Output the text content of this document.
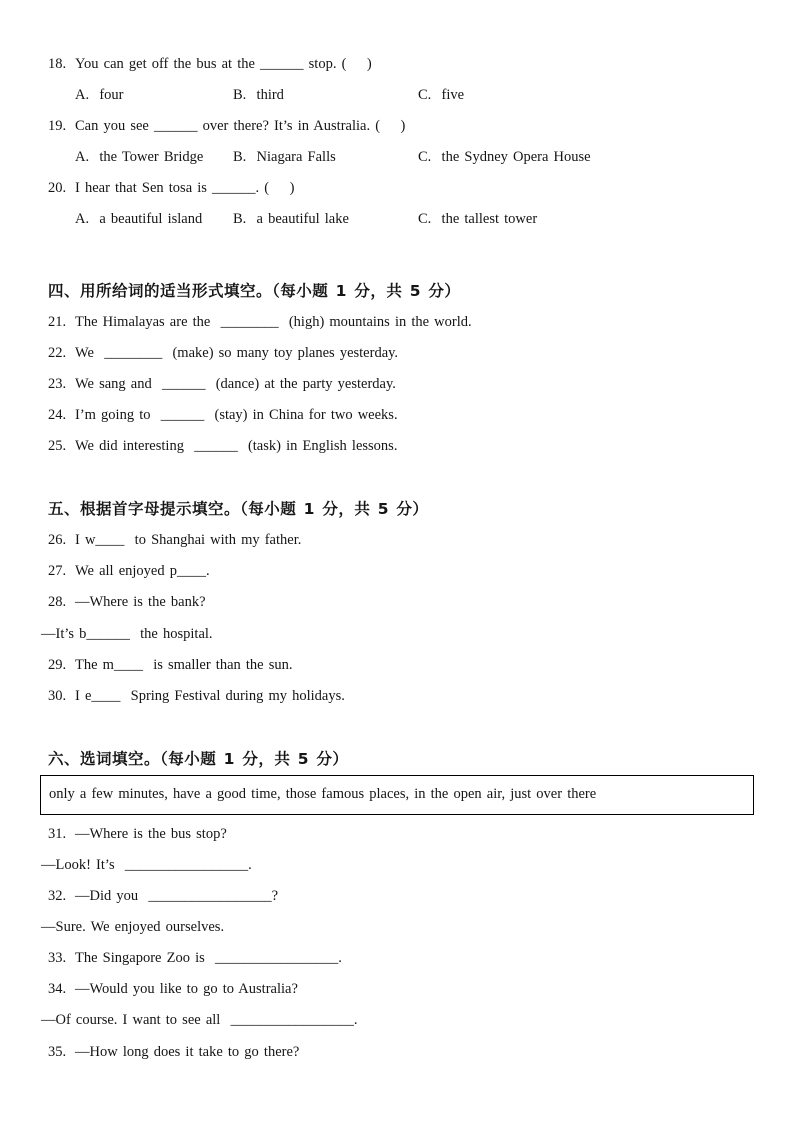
18. You can get off the bus at the ______ stop. (    )
A.  four	B.  third	C.  five
19. Can you see ______ over there? It’s in Australia. (    )
A.  the Tower Bridge	B.  Niagara Falls	C.  the Sydney Opera House
20. I hear that Sen tosa is ______. (    )
A.  a beautiful island	B.  a beautiful lake	C.  the tallest tower
四、用所给词的适当形式填空。（每小题 1 分，共 5 分）
21. The Himalayas are the  ________  (high) mountains in the world.
22. We  ________  (make) so many toy planes yesterday.
23. We sang and  ______  (dance) at the party yesterday.
24. I’m going to  ______  (stay) in China for two weeks.
25. We did interesting  ______  (task) in English lessons.
五、根据首字母提示填空。（每小题 1 分，共 5 分）
26. I w____  to Shanghai with my father.
27. We all enjoyed p____.
28. —Where is the bank?
—It’s b______  the hospital.
29. The m____  is smaller than the sun.
30. I e____  Spring Festival during my holidays.
六、选词填空。（每小题 1 分，共 5 分）
only a few minutes, have a good time, those famous places, in the open air, just over there
31. —Where is the bus stop?
—Look! It’s  _________________.
32. —Did you  _________________?
—Sure. We enjoyed ourselves.
33. The Singapore Zoo is  _________________.
34. —Would you like to go to Australia?
—Of course. I want to see all  _________________.
35. —How long does it take to go there?
